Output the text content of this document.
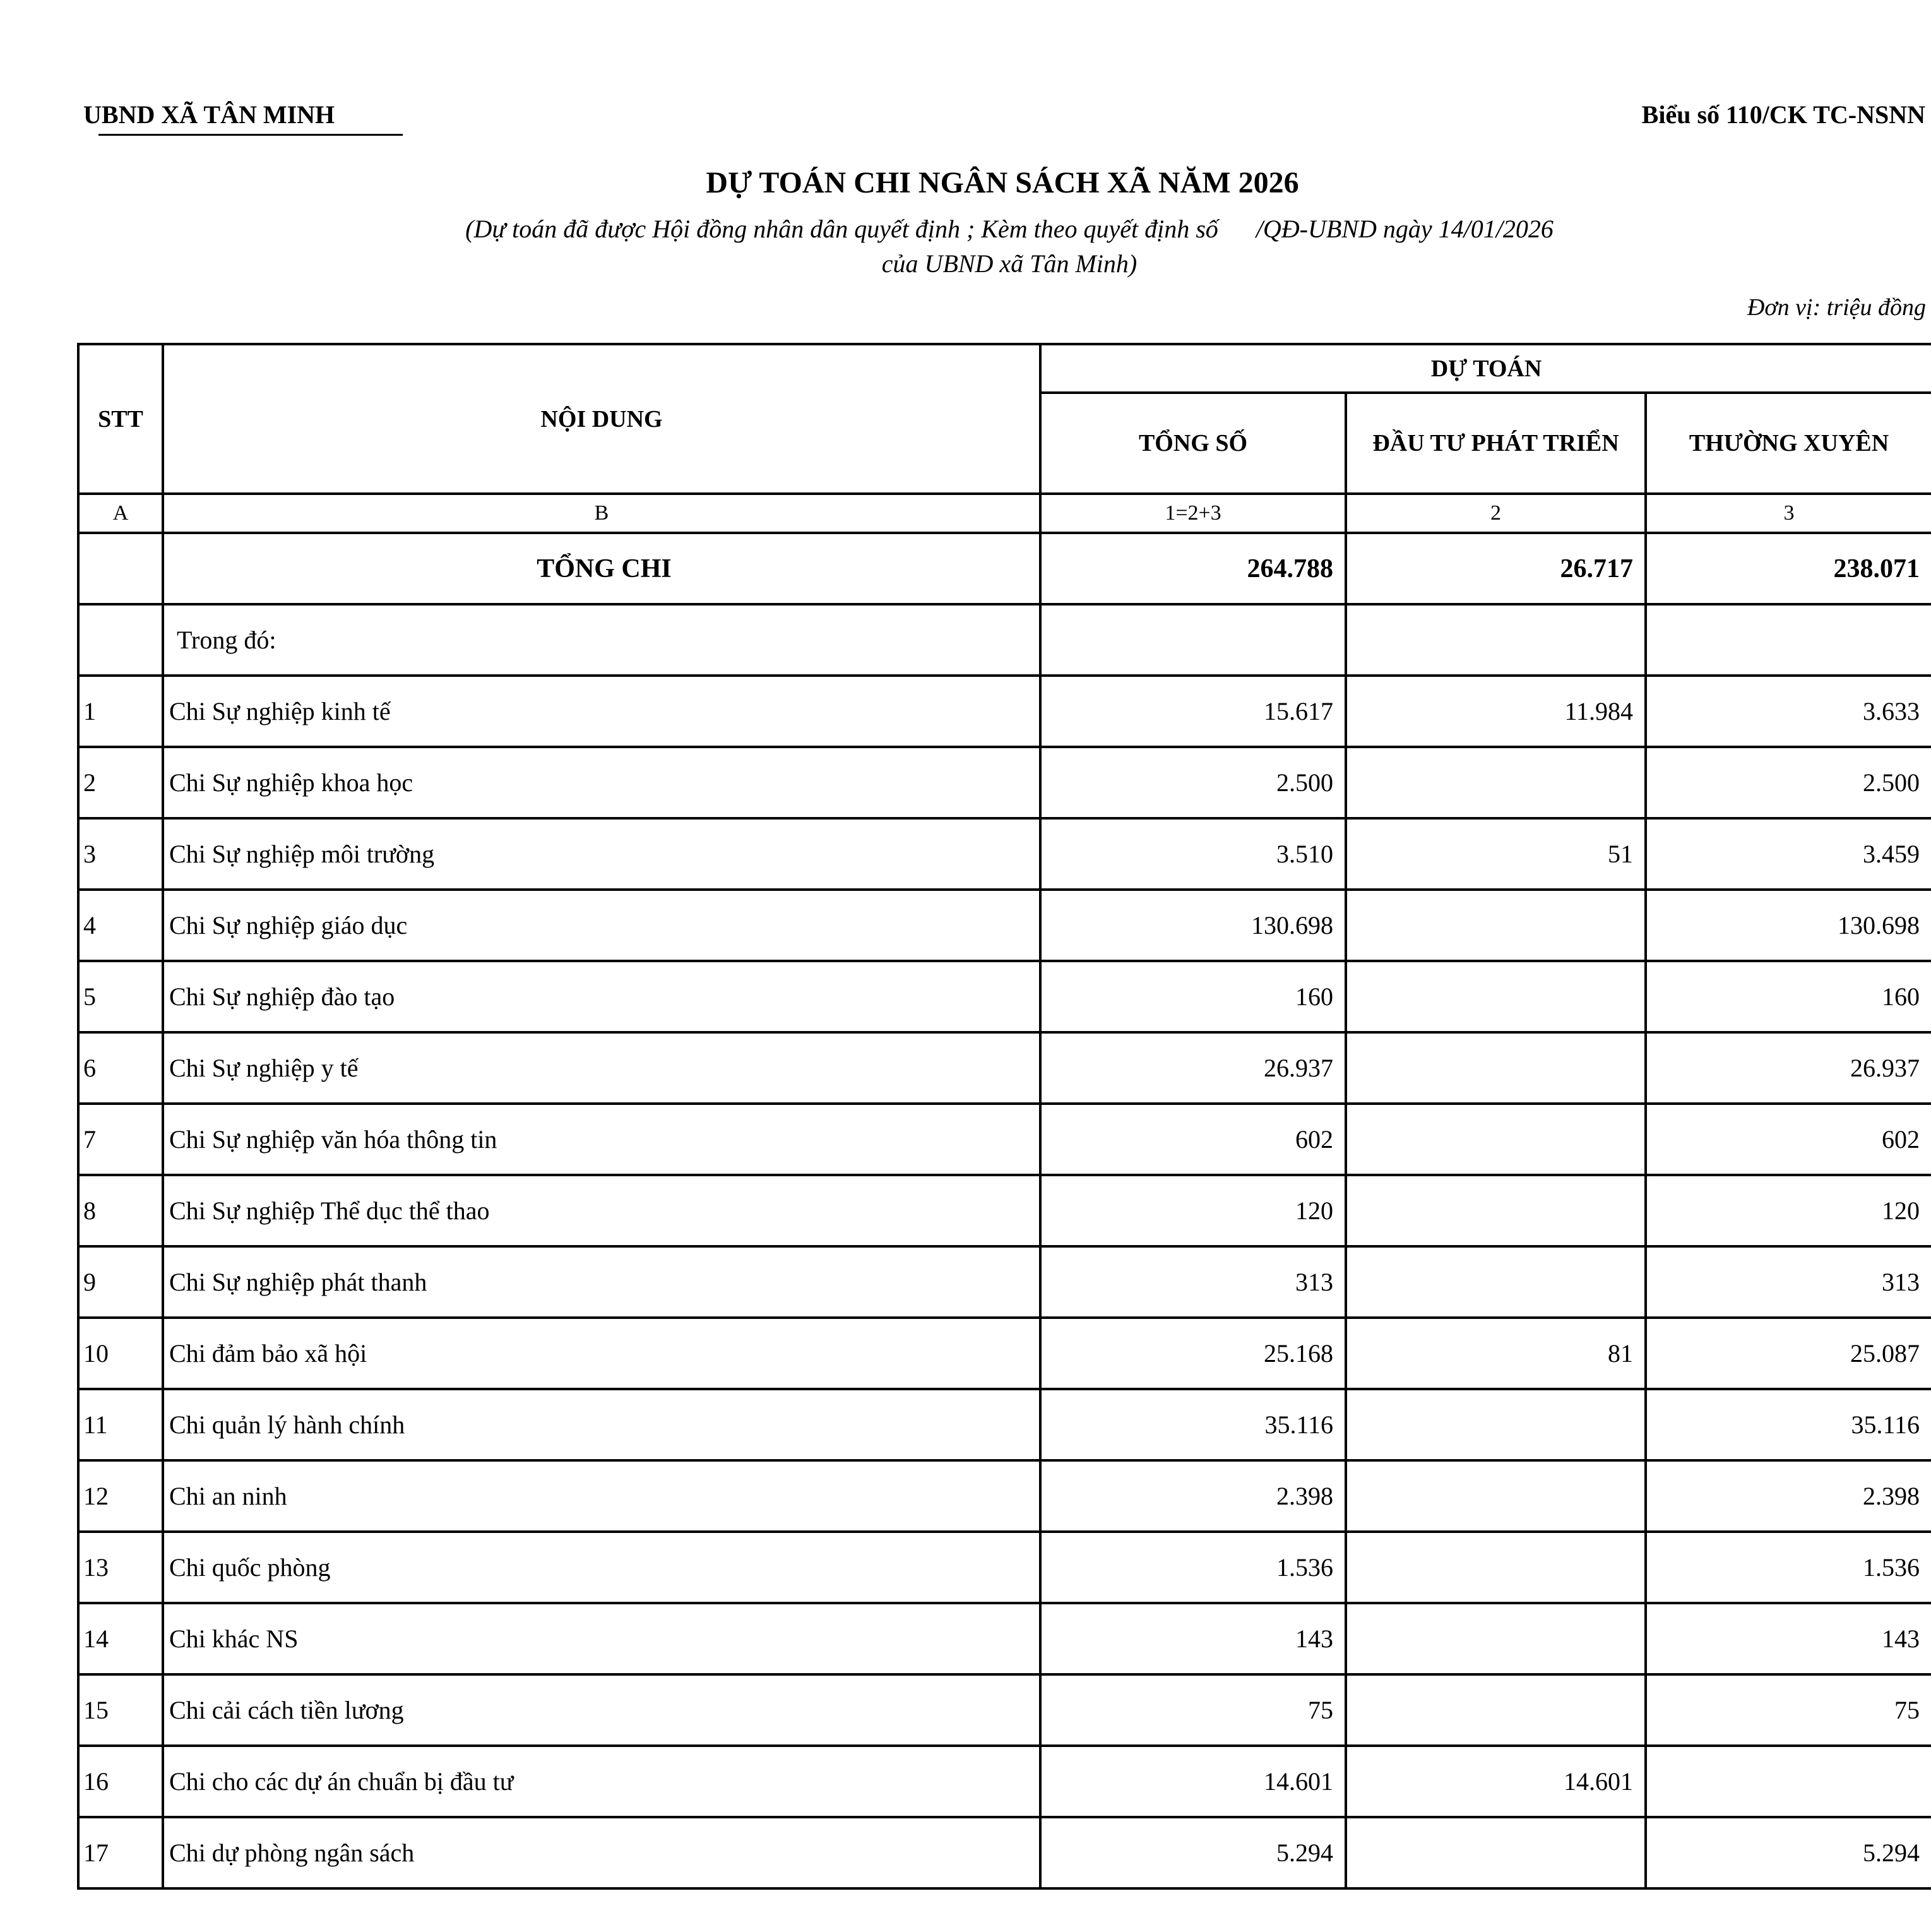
UBND XÃ TÂN MINH	Biểu số 110/CK TC-NSNN
DỰ TOÁN CHI NGÂN SÁCH XÃ NĂM 2026
(Dự toán đã được Hội đồng nhân dân quyết định ; Kèm theo quyết định số      /QĐ-UBND ngày 14/01/2026
của UBND xã Tân Minh)
Đơn vị: triệu đồng
STT	NỘI DUNG	DỰ TOÁN		
		TỔNG SỐ	ĐẦU TƯ PHÁT TRIỂN	THƯỜNG XUYÊN
A	B	1=2+3	2	3
	TỔNG CHI	264.788	26.717	238.071
	Trong đó:			
1	Chi Sự nghiệp kinh tế	15.617	11.984	3.633
2	Chi Sự nghiệp khoa học	2.500		2.500
3	Chi Sự nghiệp môi trường	3.510	51	3.459
4	Chi Sự nghiệp giáo dục	130.698		130.698
5	Chi Sự nghiệp đào tạo	160		160
6	Chi Sự nghiệp y tế	26.937		26.937
7	Chi Sự nghiệp văn hóa thông tin	602		602
8	Chi Sự nghiệp Thể dục thể thao	120		120
9	Chi Sự nghiệp phát thanh	313		313
10	Chi đảm bảo xã hội	25.168	81	25.087
11	Chi quản lý hành chính	35.116		35.116
12	Chi an ninh	2.398		2.398
13	Chi quốc phòng	1.536		1.536
14	Chi khác NS	143		143
15	Chi cải cách tiền lương	75		75
16	Chi cho các dự án chuẩn bị đầu tư	14.601	14.601	
17	Chi dự phòng ngân sách	5.294		5.294
